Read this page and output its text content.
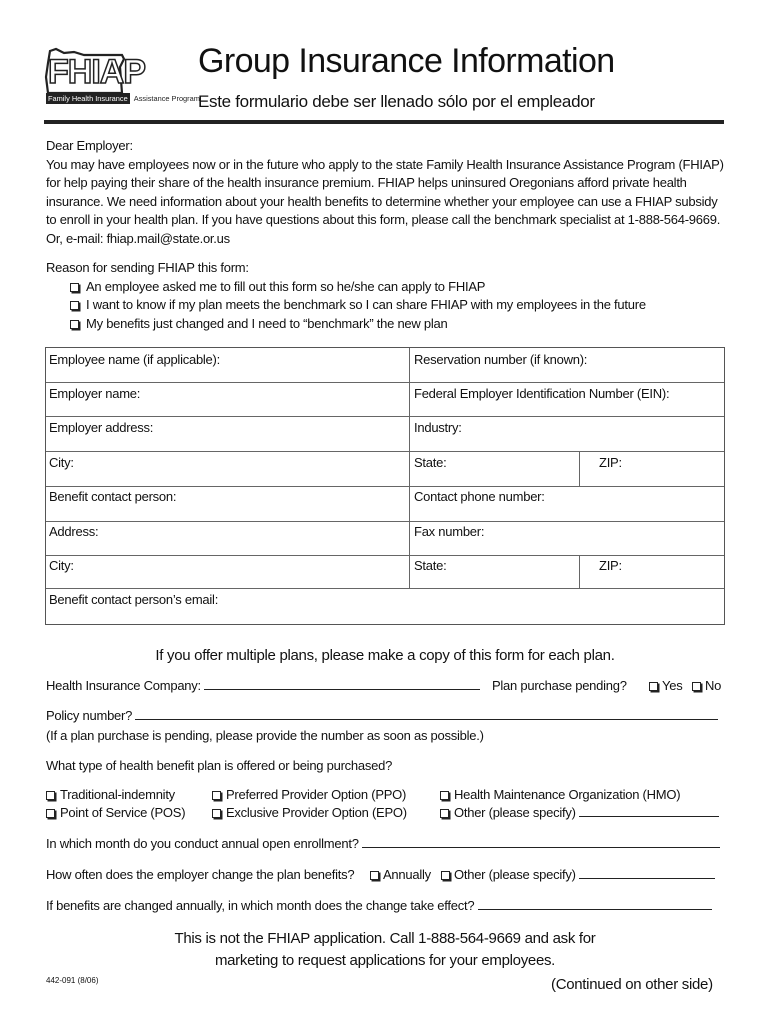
FHIAP
Family Health Insurance Assistance Program
Group Insurance Information
Este formulario debe ser llenado sólo por el empleador
Dear Employer:
You may have employees now or in the future who apply to the state Family Health Insurance Assistance Program (FHIAP)
for help paying their share of the health insurance premium. FHIAP helps uninsured Oregonians afford private health
insurance. We need information about your health benefits to determine whether your employee can use a FHIAP subsidy
to enroll in your health plan. If you have questions about this form, please call the benchmark specialist at 1-888-564-9669.
Or, e-mail: fhiap.mail@state.or.us
Reason for sending FHIAP this form:
An employee asked me to fill out this form so he/she can apply to FHIAP
I want to know if my plan meets the benchmark so I can share FHIAP with my employees in the future
My benefits just changed and I need to “benchmark” the new plan
Employee name (if applicable):	Reservation number (if known):
Employer name:	Federal Employer Identification Number (EIN):
Employer address:	Industry:
City:	State:	ZIP:
Benefit contact person:	Contact phone number:
Address:	Fax number:
City:	State:	ZIP:
Benefit contact person’s email:
If you offer multiple plans, please make a copy of this form for each plan.
Health Insurance Company:	Plan purchase pending?	Yes	No
Policy number?
(If a plan purchase is pending, please provide the number as soon as possible.)
What type of health benefit plan is offered or being purchased?
Traditional-indemnity	Preferred Provider Option (PPO)	Health Maintenance Organization (HMO)
Point of Service (POS)	Exclusive Provider Option (EPO)	Other (please specify)
In which month do you conduct annual open enrollment?
How often does the employer change the plan benefits?	Annually	Other (please specify)
If benefits are changed annually, in which month does the change take effect?
This is not the FHIAP application. Call 1-888-564-9669 and ask for
marketing to request applications for your employees.
442-091 (8/06)	(Continued on other side)
